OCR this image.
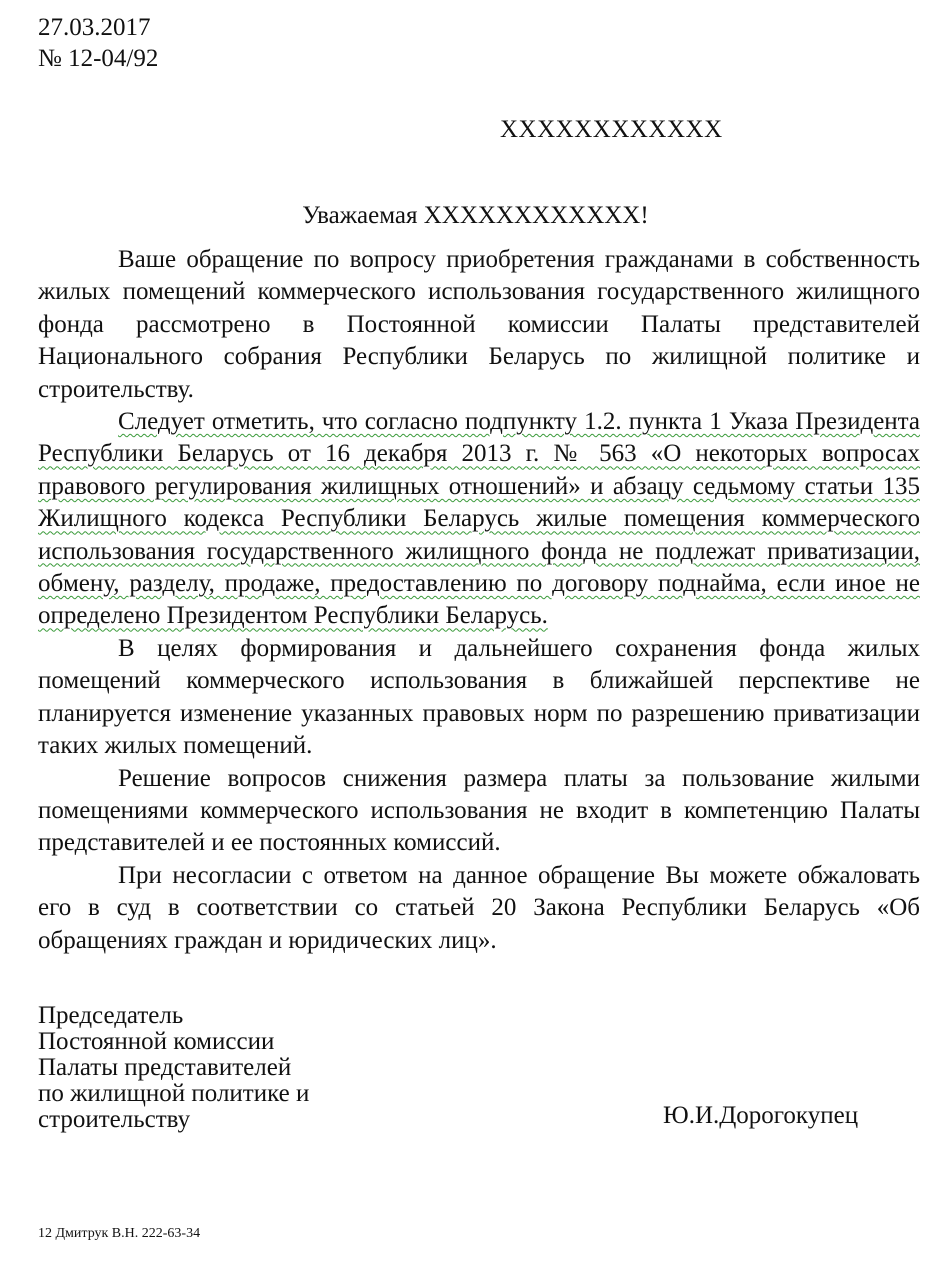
27.03.2017
№ 12-04/92
ХХХХХХХХХХХХ
Уважаемая ХХХХХХХХХХХХ!

Ваше обращение по вопросу приобретения гражданами в собственность жилых помещений коммерческого использования государственного жилищного фонда рассмотрено в Постоянной комиссии Палаты представителей Национального собрания Республики Беларусь по жилищной политике и строительству.

Следует отметить, что согласно подпункту 1.2. пункта 1 Указа Президента Республики Беларусь от 16 декабря 2013 г. № 563 «О некоторых вопросах правового регулирования жилищных отношений» и абзацу седьмому статьи 135 Жилищного кодекса Республики Беларусь жилые помещения коммерческого использования государственного жилищного фонда не подлежат приватизации, обмену, разделу, продаже, предоставлению по договору поднайма, если иное не определено Президентом Республики Беларусь.

В целях формирования и дальнейшего сохранения фонда жилых помещений коммерческого использования в ближайшей перспективе не планируется изменение указанных правовых норм по разрешению приватизации таких жилых помещений.

Решение вопросов снижения размера платы за пользование жилыми помещениями коммерческого использования не входит в компетенцию Палаты представителей и ее постоянных комиссий.

При несогласии с ответом на данное обращение Вы можете обжаловать его в суд в соответствии со статьей 20 Закона Республики Беларусь «Об обращениях граждан и юридических лиц».

Председатель
Постоянной комиссии
Палаты представителей
по жилищной политике и
строительству	Ю.И.Дорогокупец
12 Дмитрук В.Н. 222-63-34
